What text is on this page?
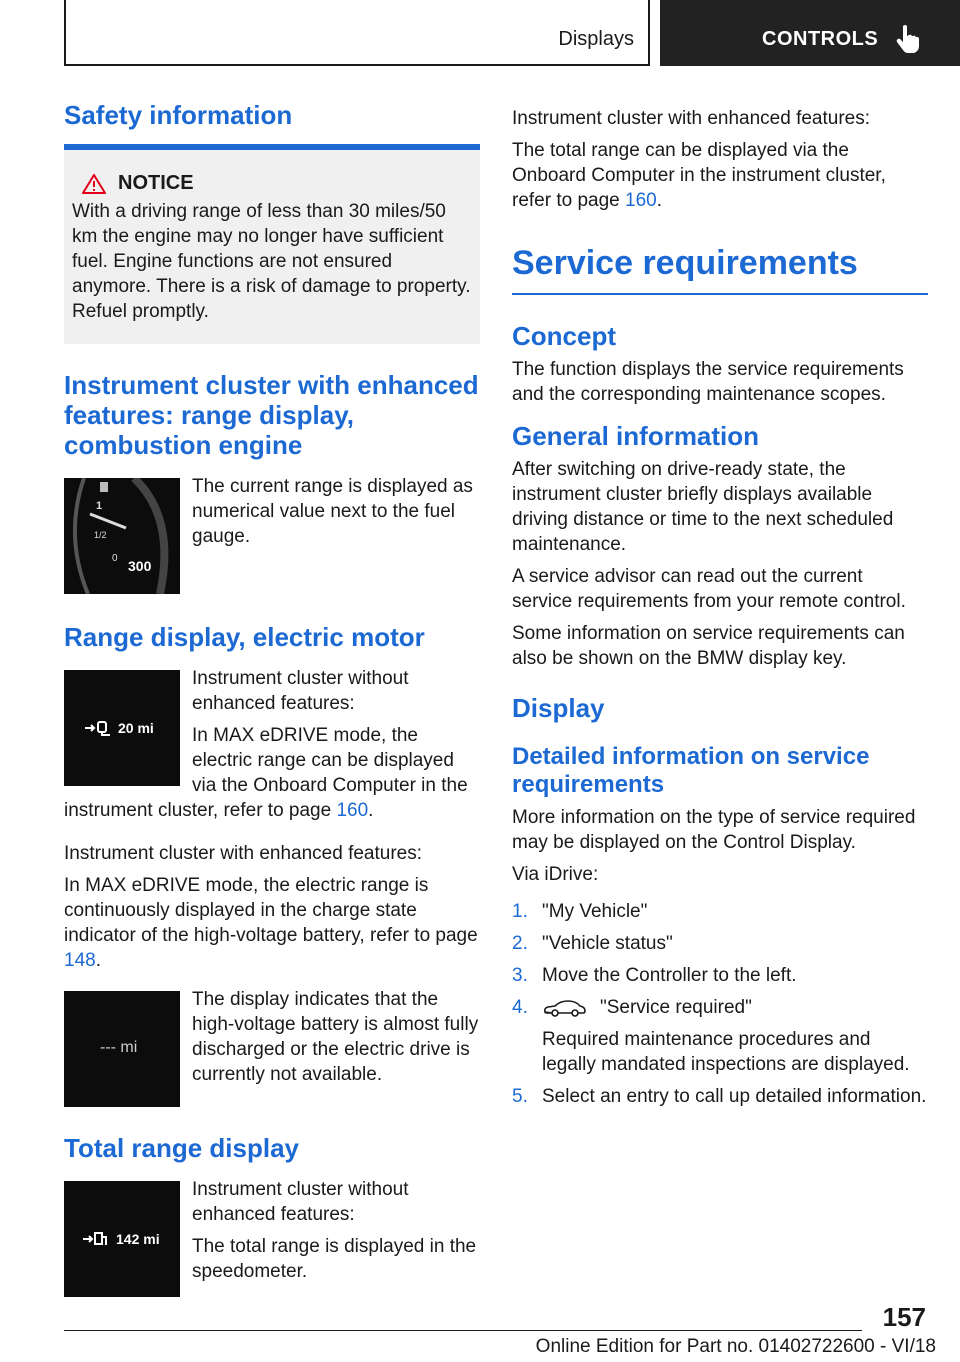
Displays	CONTROLS
Safety information
NOTICE

With a driving range of less than 30 miles/50 km the engine may no longer have sufficient fuel. Engine functions are not ensured anymore. There is a risk of damage to property. Refuel promptly.

Instrument cluster with enhanced features: range display, combustion engine
1
1/2
0 300

The current range is displayed as numerical value next to the fuel gauge.

Range display, electric motor
20 mi

Instrument cluster without enhanced features:

In MAX eDRIVE mode, the electric range can be displayed via the Onboard Computer in the instrument cluster, refer to page 160.

Instrument cluster with enhanced features:

In MAX eDRIVE mode, the electric range is continuously displayed in the charge state indicator of the high-voltage battery, refer to page 148.

--- mi

The display indicates that the high-voltage battery is almost fully discharged or the electric drive is currently not available.

Total range display
142 mi

Instrument cluster without enhanced features:

The total range is displayed in the speedometer.

Instrument cluster with enhanced features:

The total range can be displayed via the Onboard Computer in the instrument cluster, refer to page 160.

Service requirements
Concept

The function displays the service requirements and the corresponding maintenance scopes.

General information

After switching on drive-ready state, the instrument cluster briefly displays available driving distance or time to the next scheduled maintenance.

A service advisor can read out the current service requirements from your remote control.

Some information on service requirements can also be shown on the BMW display key.

Display
Detailed information on service requirements

More information on the type of service required may be displayed on the Control Display.

Via iDrive:

1. "My Vehicle"
2. "Vehicle status"
3. Move the Controller to the left.
4.	"Service required"

Required maintenance procedures and legally mandated inspections are displayed.

5. Select an entry to call up detailed information.
157
Online Edition for Part no. 01402722600 - VI/18
